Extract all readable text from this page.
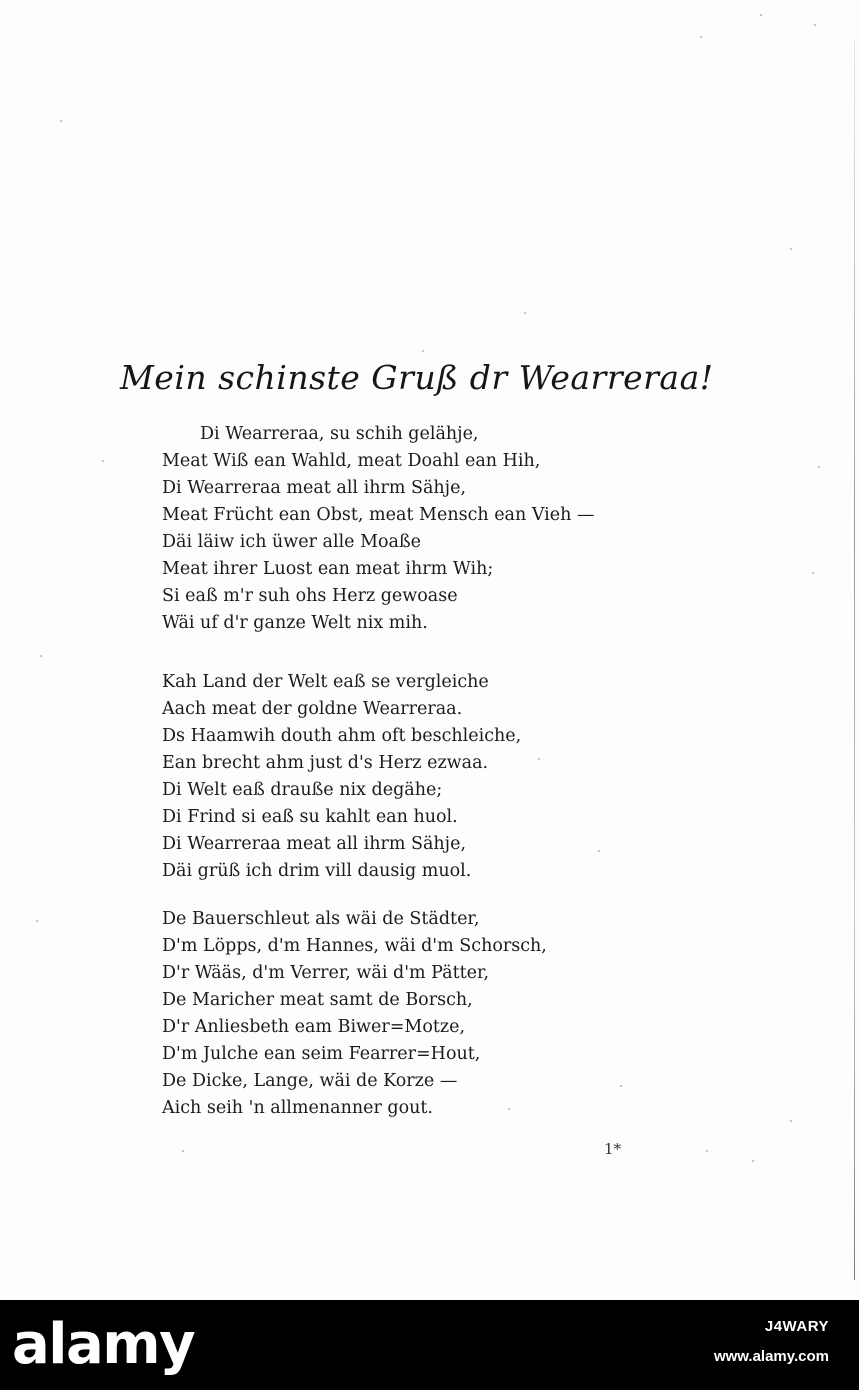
Mein schinste Gruß dr Wearreraa!
Di Wearreraa, su schih gelähje,
Meat Wiß ean Wahld, meat Doahl ean Hih,
Di Wearreraa meat all ihrm Sähje,
Meat Frücht ean Obst, meat Mensch ean Vieh —
Däi läiw ich üwer alle Moaße
Meat ihrer Luost ean meat ihrm Wih;
Si eaß m'r suh ohs Herz gewoase
Wäi uf d'r ganze Welt nix mih.
Kah Land der Welt eaß se vergleiche
Aach meat der goldne Wearreraa.
Ds Haamwih douth ahm oft beschleiche,
Ean brecht ahm just d's Herz ezwaa.
Di Welt eaß drauße nix degähe;
Di Frind si eaß su kahlt ean huol.
Di Wearreraa meat all ihrm Sähje,
Däi grüß ich drim vill dausig muol.
De Bauerschleut als wäi de Städter,
D'm Löpps, d'm Hannes, wäi d'm Schorsch,
D'r Wääs, d'm Verrer, wäi d'm Pätter,
De Maricher meat samt de Borsch,
D'r Anliesbeth eam Biwer=Motze,
D'm Julche ean seim Fearrer=Hout,
De Dicke, Lange, wäi de Korze —
Aich seih 'n allmenanner gout.
1*
alamy	J4WARY
www.alamy.com
